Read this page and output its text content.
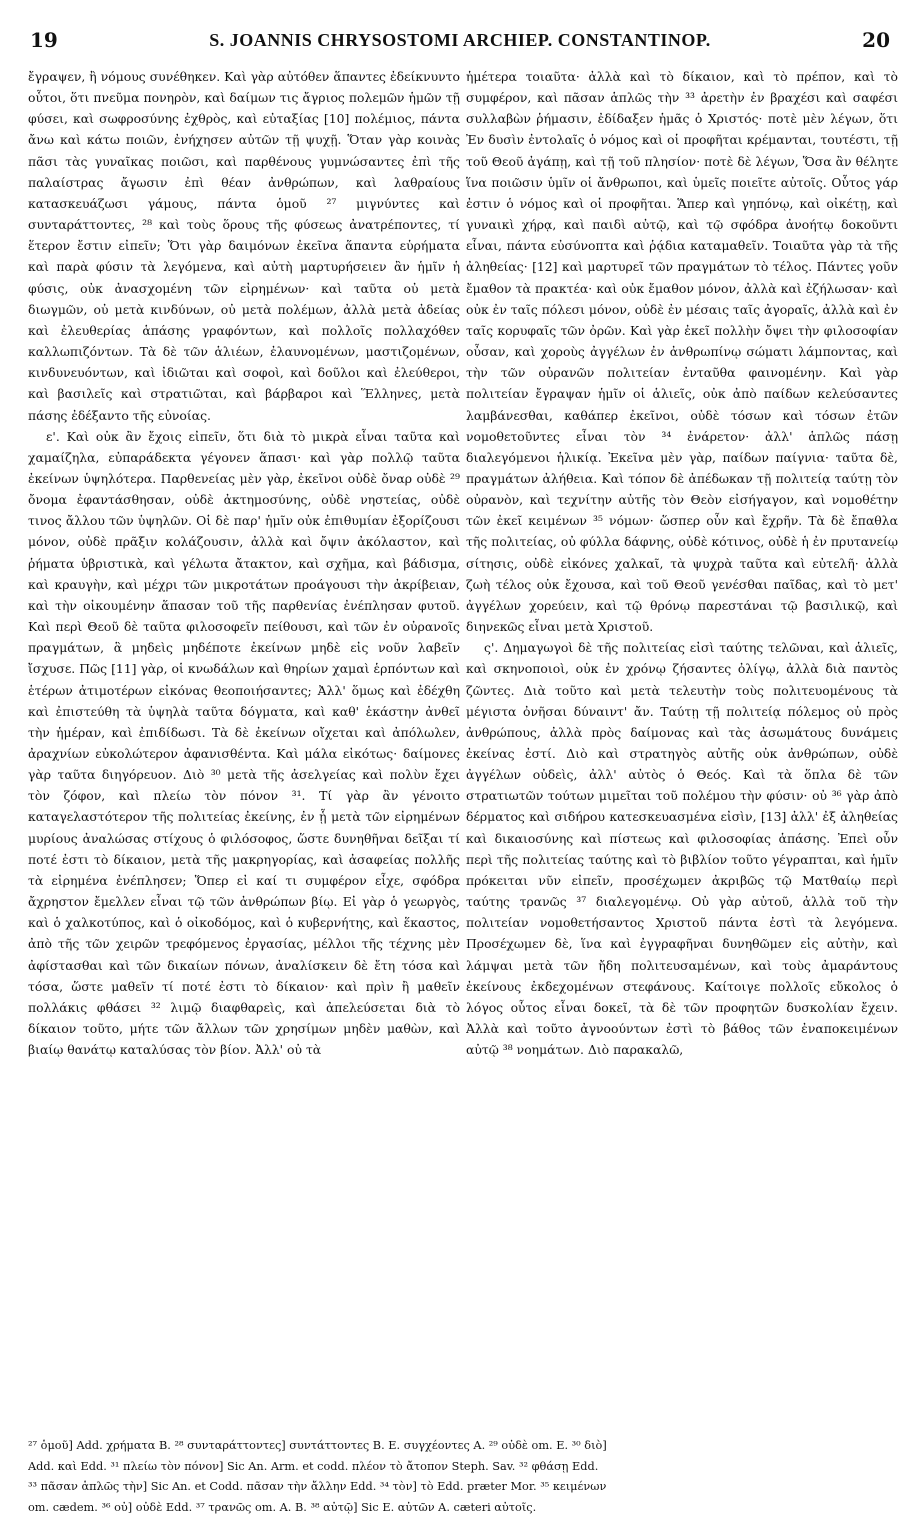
19	S. JOANNIS CHRYSOSTOMI ARCHIEP. CONSTANTINOP.	20

ἔγραψεν, ἢ νόμους συνέθηκεν. Καὶ γὰρ αὐτόθεν ἅπαντες ἐδείκνυντο οὗτοι, ὅτι πνεῦμα πονηρὸν, καὶ δαίμων τις ἄγριος πολεμῶν ἡμῶν τῇ φύσει, καὶ σωφροσύνης ἐχθρὸς, καὶ εὐταξίας [10] πολέμιος, πάντα ἄνω καὶ κάτω ποιῶν, ἐνήχησεν αὐτῶν τῇ ψυχῇ. Ὅταν γὰρ κοινὰς πᾶσι τὰς γυναῖκας ποιῶσι, καὶ παρθένους γυμνώσαντες ἐπὶ τῆς παλαίστρας ἄγωσιν ἐπὶ θέαν ἀνθρώπων, καὶ λαθραίους κατασκευάζωσι γάμους, πάντα ὁμοῦ ²⁷ μιγνύντες καὶ συνταράττοντες, ²⁸ καὶ τοὺς ὅρους τῆς φύσεως ἀνατρέποντες, τί ἕτερον ἔστιν εἰπεῖν; Ὅτι γὰρ δαιμόνων ἐκεῖνα ἅπαντα εὑρήματα καὶ παρὰ φύσιν τὰ λεγόμενα, καὶ αὐτὴ μαρτυρήσειεν ἂν ἡμῖν ἡ φύσις, οὐκ ἀνασχομένη τῶν εἰρημένων· καὶ ταῦτα οὐ μετὰ διωγμῶν, οὐ μετὰ κινδύνων, οὐ μετὰ πολέμων, ἀλλὰ μετὰ ἀδείας καὶ ἐλευθερίας ἁπάσης γραφόντων, καὶ πολλοῖς πολλαχόθεν καλλωπιζόντων. Τὰ δὲ τῶν ἁλιέων, ἐλαυνομένων, μαστιζομένων, κινδυνευόντων, καὶ ἰδιῶται καὶ σοφοὶ, καὶ δοῦλοι καὶ ἐλεύθεροι, καὶ βασιλεῖς καὶ στρατιῶται, καὶ βάρβαροι καὶ Ἕλληνες, μετὰ πάσης ἐδέξαντο τῆς εὐνοίας.

ε'. Καὶ οὐκ ἂν ἔχοις εἰπεῖν, ὅτι διὰ τὸ μικρὰ εἶναι ταῦτα καὶ χαμαίζηλα, εὐπαράδεκτα γέγονεν ἅπασι· καὶ γὰρ πολλῷ ταῦτα ἐκείνων ὑψηλότερα. Παρθενείας μὲν γὰρ, ἐκεῖνοι οὐδὲ ὄναρ οὐδὲ ²⁹ ὄνομα ἐφαντάσθησαν, οὐδὲ ἀκτημοσύνης, οὐδὲ νηστείας, οὐδὲ τινος ἄλλου τῶν ὑψηλῶν. Οἱ δὲ παρ' ἡμῖν οὐκ ἐπιθυμίαν ἐξορίζουσι μόνον, οὐδὲ πρᾶξιν κολάζουσιν, ἀλλὰ καὶ ὄψιν ἀκόλαστον, καὶ ῥήματα ὑβριστικὰ, καὶ γέλωτα ἄτακτον, καὶ σχῆμα, καὶ βάδισμα, καὶ κραυγὴν, καὶ μέχρι τῶν μικροτάτων προάγουσι τὴν ἀκρίβειαν, καὶ τὴν οἰκουμένην ἅπασαν τοῦ τῆς παρθενίας ἐνέπλησαν φυτοῦ. Καὶ περὶ Θεοῦ δὲ ταῦτα φιλοσοφεῖν πείθουσι, καὶ τῶν ἐν οὐρανοῖς πραγμάτων, ἃ μηδεὶς μηδέποτε ἐκείνων μηδὲ εἰς νοῦν λαβεῖν ἴσχυσε. Πῶς [11] γὰρ, οἱ κνωδάλων καὶ θηρίων χαμαὶ ἑρπόντων καὶ ἑτέρων ἀτιμοτέρων εἰκόνας θεοποιήσαντες; Ἀλλ' ὅμως καὶ ἐδέχθη καὶ ἐπιστεύθη τὰ ὑψηλὰ ταῦτα δόγματα, καὶ καθ' ἑκάστην ἀνθεῖ τὴν ἡμέραν, καὶ ἐπιδίδωσι. Τὰ δὲ ἐκείνων οἴχεται καὶ ἀπόλωλεν, ἀραχνίων εὐκολώτερον ἀφανισθέντα. Καὶ μάλα εἰκότως· δαίμονες γὰρ ταῦτα διηγόρευον. Διὸ ³⁰ μετὰ τῆς ἀσελγείας καὶ πολὺν ἔχει τὸν ζόφον, καὶ πλείω τὸν πόνον ³¹. Τί γὰρ ἂν γένοιτο καταγελαστότερον τῆς πολιτείας ἐκείνης, ἐν ᾗ μετὰ τῶν εἰρημένων μυρίους ἀναλώσας στίχους ὁ φιλόσοφος, ὥστε δυνηθῆναι δεῖξαι τί ποτέ ἐστι τὸ δίκαιον, μετὰ τῆς μακρηγορίας, καὶ ἀσαφείας πολλῆς τὰ εἰρημένα ἐνέπλησεν; Ὅπερ εἰ καί τι συμφέρον εἶχε, σφόδρα ἄχρηστον ἔμελλεν εἶναι τῷ τῶν ἀνθρώπων βίῳ. Εἰ γὰρ ὁ γεωργὸς, καὶ ὁ χαλκοτύπος, καὶ ὁ οἰκοδόμος, καὶ ὁ κυβερνήτης, καὶ ἕκαστος, ἀπὸ τῆς τῶν χειρῶν τρεφόμενος ἐργασίας, μέλλοι τῆς τέχνης μὲν ἀφίστασθαι καὶ τῶν δικαίων πόνων, ἀναλίσκειν δὲ ἔτη τόσα καὶ τόσα, ὥστε μαθεῖν τί ποτέ ἐστι τὸ δίκαιον· καὶ πρὶν ἢ μαθεῖν πολλάκις φθάσει ³² λιμῷ διαφθαρεὶς, καὶ ἀπελεύσεται διὰ τὸ δίκαιον τοῦτο, μήτε τῶν ἄλλων τῶν χρησίμων μηδὲν μαθὼν, καὶ βιαίῳ θανάτῳ καταλύσας τὸν βίον. Ἀλλ' οὐ τὰ

ἡμέτερα τοιαῦτα· ἀλλὰ καὶ τὸ δίκαιον, καὶ τὸ πρέπον, καὶ τὸ συμφέρον, καὶ πᾶσαν ἁπλῶς τὴν ³³ ἀρετὴν ἐν βραχέσι καὶ σαφέσι συλλαβὼν ῥήμασιν, ἐδίδαξεν ἡμᾶς ὁ Χριστός· ποτὲ μὲν λέγων, ὅτι Ἐν δυσὶν ἐντολαῖς ὁ νόμος καὶ οἱ προφῆται κρέμανται, τουτέστι, τῇ τοῦ Θεοῦ ἀγάπῃ, καὶ τῇ τοῦ πλησίον· ποτὲ δὲ λέγων, Ὅσα ἂν θέλητε ἵνα ποιῶσιν ὑμῖν οἱ ἄνθρωποι, καὶ ὑμεῖς ποιεῖτε αὐτοῖς. Οὗτος γάρ ἐστιν ὁ νόμος καὶ οἱ προφῆται. Ἅπερ καὶ γηπόνῳ, καὶ οἰκέτῃ, καὶ γυναικὶ χήρᾳ, καὶ παιδὶ αὐτῷ, καὶ τῷ σφόδρα ἀνοήτῳ δοκοῦντι εἶναι, πάντα εὐσύνοπτα καὶ ῥᾴδια καταμαθεῖν. Τοιαῦτα γὰρ τὰ τῆς ἀληθείας· [12] καὶ μαρτυρεῖ τῶν πραγμάτων τὸ τέλος. Πάντες γοῦν ἔμαθον τὰ πρακτέα· καὶ οὐκ ἔμαθον μόνον, ἀλλὰ καὶ ἐζήλωσαν· καὶ οὐκ ἐν ταῖς πόλεσι μόνον, οὐδὲ ἐν μέσαις ταῖς ἀγοραῖς, ἀλλὰ καὶ ἐν ταῖς κορυφαῖς τῶν ὀρῶν. Καὶ γὰρ ἐκεῖ πολλὴν ὄψει τὴν φιλοσοφίαν οὖσαν, καὶ χοροὺς ἀγγέλων ἐν ἀνθρωπίνῳ σώματι λάμποντας, καὶ τὴν τῶν οὐρανῶν πολιτείαν ἐνταῦθα φαινομένην. Καὶ γὰρ πολιτείαν ἔγραψαν ἡμῖν οἱ ἁλιεῖς, οὐκ ἀπὸ παίδων κελεύσαντες λαμβάνεσθαι, καθάπερ ἐκεῖνοι, οὐδὲ τόσων καὶ τόσων ἐτῶν νομοθετοῦντες εἶναι τὸν ³⁴ ἐνάρετον· ἀλλ' ἁπλῶς πάσῃ διαλεγόμενοι ἡλικίᾳ. Ἐκεῖνα μὲν γὰρ, παίδων παίγνια· ταῦτα δὲ, πραγμάτων ἀλήθεια. Καὶ τόπον δὲ ἀπέδωκαν τῇ πολιτείᾳ ταύτῃ τὸν οὐρανὸν, καὶ τεχνίτην αὐτῆς τὸν Θεὸν εἰσήγαγον, καὶ νομοθέτην τῶν ἐκεῖ κειμένων ³⁵ νόμων· ὥσπερ οὖν καὶ ἔχρῆν. Τὰ δὲ ἔπαθλα τῆς πολιτείας, οὐ φύλλα δάφνης, οὐδὲ κότινος, οὐδὲ ἡ ἐν πρυτανείῳ σίτησις, οὐδὲ εἰκόνες χαλκαῖ, τὰ ψυχρὰ ταῦτα καὶ εὐτελῆ· ἀλλὰ ζωὴ τέλος οὐκ ἔχουσα, καὶ τοῦ Θεοῦ γενέσθαι παῖδας, καὶ τὸ μετ' ἀγγέλων χορεύειν, καὶ τῷ θρόνῳ παρεστάναι τῷ βασιλικῷ, καὶ διηνεκῶς εἶναι μετὰ Χριστοῦ.

ς'. Δημαγωγοὶ δὲ τῆς πολιτείας εἰσὶ ταύτης τελῶναι, καὶ ἁλιεῖς, καὶ σκηνοποιοὶ, οὐκ ἐν χρόνῳ ζήσαντες ὀλίγῳ, ἀλλὰ διὰ παντὸς ζῶντες. Διὰ τοῦτο καὶ μετὰ τελευτὴν τοὺς πολιτευομένους τὰ μέγιστα ὀνῆσαι δύναιντ' ἄν. Ταύτῃ τῇ πολιτείᾳ πόλεμος οὐ πρὸς ἀνθρώπους, ἀλλὰ πρὸς δαίμονας καὶ τὰς ἀσωμάτους δυνάμεις ἐκείνας ἐστί. Διὸ καὶ στρατηγὸς αὐτῆς οὐκ ἀνθρώπων, οὐδὲ ἀγγέλων οὐδεὶς, ἀλλ' αὐτὸς ὁ Θεός. Καὶ τὰ ὅπλα δὲ τῶν στρατιωτῶν τούτων μιμεῖται τοῦ πολέμου τὴν φύσιν· οὐ ³⁶ γὰρ ἀπὸ δέρματος καὶ σιδήρου κατεσκευασμένα εἰσὶν, [13] ἀλλ' ἐξ ἀληθείας καὶ δικαιοσύνης καὶ πίστεως καὶ φιλοσοφίας ἁπάσης. Ἐπεὶ οὖν περὶ τῆς πολιτείας ταύτης καὶ τὸ βιβλίον τοῦτο γέγραπται, καὶ ἡμῖν πρόκειται νῦν εἰπεῖν, προσέχωμεν ἀκριβῶς τῷ Ματθαίῳ περὶ ταύτης τρανῶς ³⁷ διαλεγομένῳ. Οὐ γὰρ αὐτοῦ, ἀλλὰ τοῦ τὴν πολιτείαν νομοθετήσαντος Χριστοῦ πάντα ἐστὶ τὰ λεγόμενα. Προσέχωμεν δὲ, ἵνα καὶ ἐγγραφῆναι δυνηθῶμεν εἰς αὐτὴν, καὶ λάμψαι μετὰ τῶν ἤδη πολιτευσαμένων, καὶ τοὺς ἀμαράντους ἐκείνους ἐκδεχομένων στεφάνους. Καίτοιγε πολλοῖς εὔκολος ὁ λόγος οὗτος εἶναι δοκεῖ, τὰ δὲ τῶν προφητῶν δυσκολίαν ἔχειν. Ἀλλὰ καὶ τοῦτο ἀγνοούντων ἐστὶ τὸ βάθος τῶν ἐναποκειμένων αὐτῷ ³⁸ νοημάτων. Διὸ παρακαλῶ,

²⁷ ὁμοῦ] Add. χρήματα B. ²⁸ συνταράττοντες] συντάττοντες B. E. συγχέοντες A. ²⁹ οὐδὲ om. E. ³⁰ διὸ]

Add. καὶ Edd. ³¹ πλείω τὸν πόνον] Sic An. Arm. et codd. πλέον τὸ ἄτοπον Steph. Sav. ³² φθάσῃ Edd.

³³ πᾶσαν ἁπλῶς τὴν] Sic An. et Codd. πᾶσαν τὴν ἄλλην Edd. ³⁴ τὸν] τὸ Edd. præter Mor. ³⁵ κειμένων

om. cædem. ³⁶ οὐ] οὐδὲ Edd. ³⁷ τρανῶς om. A. B. ³⁸ αὐτῷ] Sic E. αὐτῶν A. cæteri αὐτοῖς.
